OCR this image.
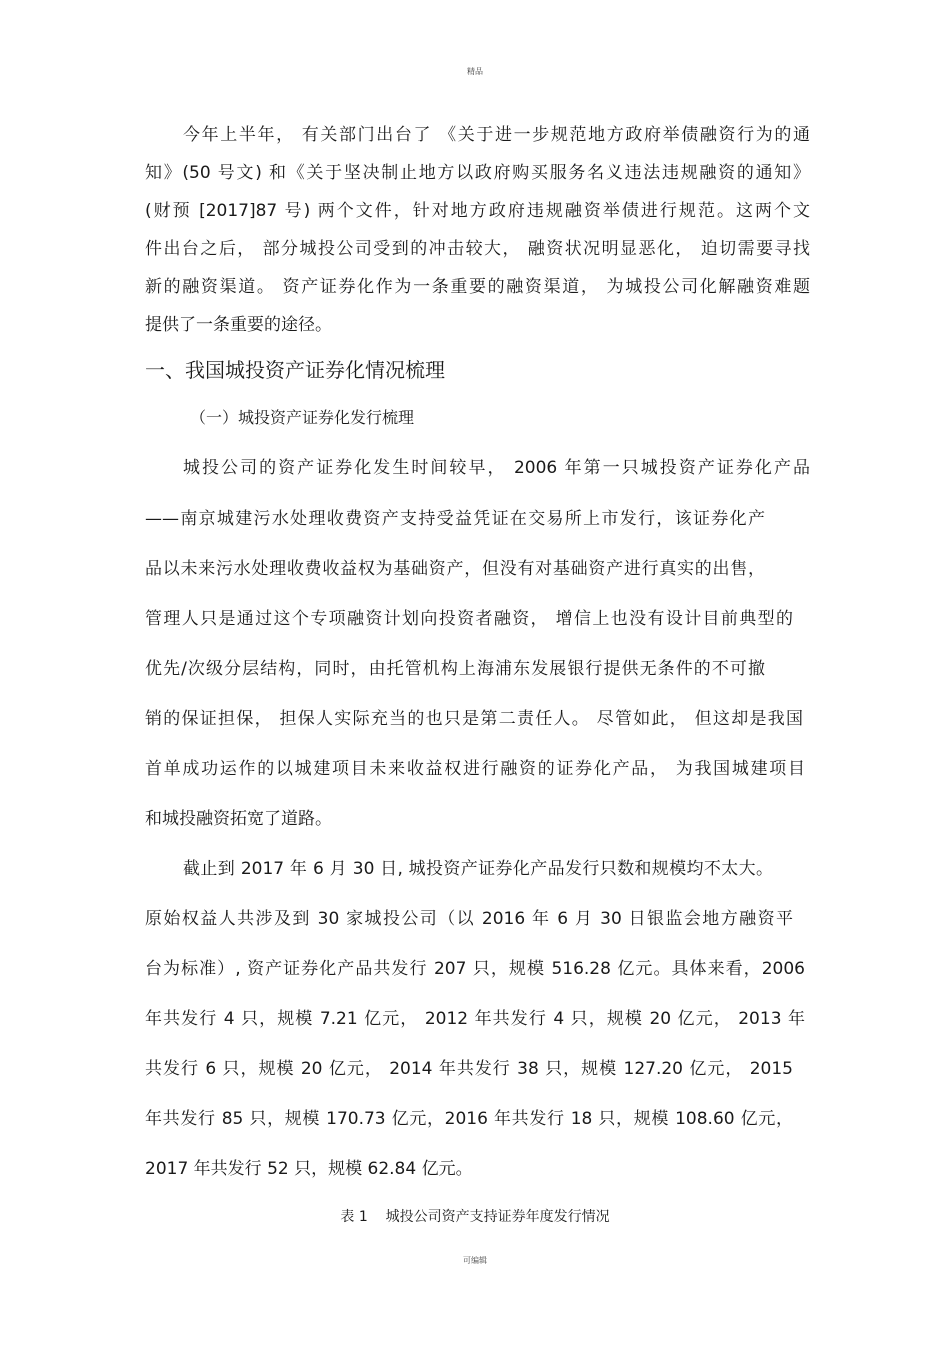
精品
今年上半年， 有关部门出台了 《关于进一步规范地方政府举债融资行为的通
知》(50 号文) 和《关于坚决制止地方以政府购买服务名义违法违规融资的通知》
(财预 [2017]87 号) 两个文件，针对地方政府违规融资举债进行规范。这两个文
件出台之后， 部分城投公司受到的冲击较大， 融资状况明显恶化， 迫切需要寻找
新的融资渠道。 资产证券化作为一条重要的融资渠道， 为城投公司化解融资难题
提供了一条重要的途径。
一、我国城投资产证券化情况梳理
（一）城投资产证券化发行梳理
城投公司的资产证券化发生时间较早， 2006 年第一只城投资产证券化产品
——南京城建污水处理收费资产支持受益凭证在交易所上市发行，该证券化产
品以未来污水处理收费收益权为基础资产，但没有对基础资产进行真实的出售，
管理人只是通过这个专项融资计划向投资者融资， 增信上也没有设计目前典型的
优先/次级分层结构，同时，由托管机构上海浦东发展银行提供无条件的不可撤
销的保证担保， 担保人实际充当的也只是第二责任人。 尽管如此， 但这却是我国
首单成功运作的以城建项目未来收益权进行融资的证券化产品， 为我国城建项目
和城投融资拓宽了道路。
截止到 2017 年 6 月 30 日, 城投资产证券化产品发行只数和规模均不太大。
原始权益人共涉及到 30 家城投公司（以 2016 年 6 月 30 日银监会地方融资平
台为标准）, 资产证券化产品共发行 207 只，规模 516.28 亿元。具体来看，2006
年共发行 4 只，规模 7.21 亿元， 2012 年共发行 4 只，规模 20 亿元， 2013 年
共发行 6 只，规模 20 亿元， 2014 年共发行 38 只，规模 127.20 亿元， 2015
年共发行 85 只，规模 170.73 亿元，2016 年共发行 18 只，规模 108.60 亿元，
2017 年共发行 52 只，规模 62.84 亿元。
表 1    城投公司资产支持证券年度发行情况
可编辑
